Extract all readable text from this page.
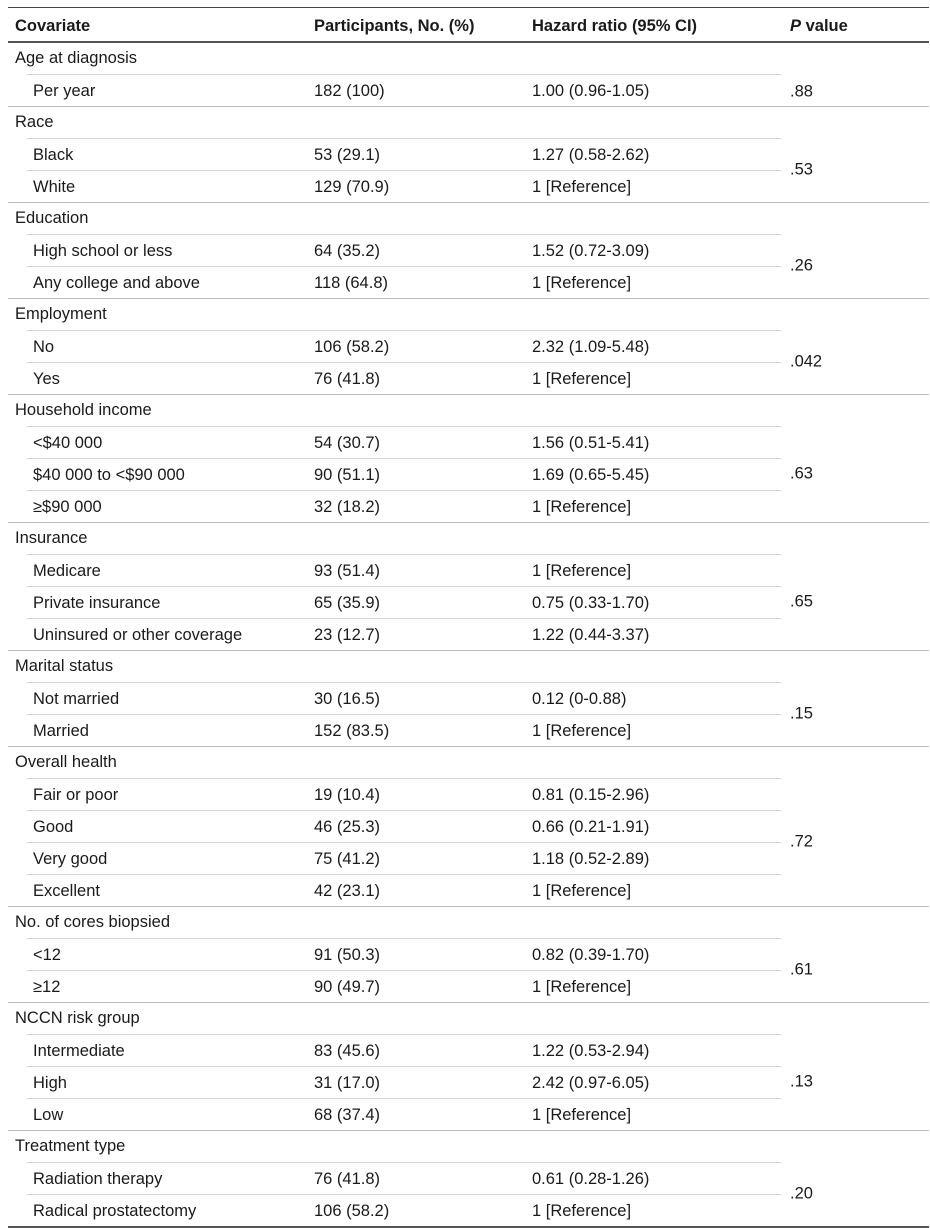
Covariate	Participants, No. (%)	Hazard ratio (95% CI)	P value
Age at diagnosis
Per year	182 (100)	1.00 (0.96-1.05)	.88
Race
Black	53 (29.1)	1.27 (0.58-2.62)
White	129 (70.9)	1 [Reference]
.53
Education
High school or less	64 (35.2)	1.52 (0.72-3.09)
Any college and above	118 (64.8)	1 [Reference]
.26
Employment
No	106 (58.2)	2.32 (1.09-5.48)
Yes	76 (41.8)	1 [Reference]
.042
Household income
<$40 000	54 (30.7)	1.56 (0.51-5.41)
$40 000 to <$90 000	90 (51.1)	1.69 (0.65-5.45)
≥$90 000	32 (18.2)	1 [Reference]
.63
Insurance
Medicare	93 (51.4)	1 [Reference]
Private insurance	65 (35.9)	0.75 (0.33-1.70)
Uninsured or other coverage	23 (12.7)	1.22 (0.44-3.37)
.65
Marital status
Not married	30 (16.5)	0.12 (0-0.88)
Married	152 (83.5)	1 [Reference]
.15
Overall health
Fair or poor	19 (10.4)	0.81 (0.15-2.96)
Good	46 (25.3)	0.66 (0.21-1.91)
Very good	75 (41.2)	1.18 (0.52-2.89)
Excellent	42 (23.1)	1 [Reference]
.72
No. of cores biopsied
<12	91 (50.3)	0.82 (0.39-1.70)
≥12	90 (49.7)	1 [Reference]
.61
NCCN risk group
Intermediate	83 (45.6)	1.22 (0.53-2.94)
High	31 (17.0)	2.42 (0.97-6.05)
Low	68 (37.4)	1 [Reference]
.13
Treatment type
Radiation therapy	76 (41.8)	0.61 (0.28-1.26)
Radical prostatectomy	106 (58.2)	1 [Reference]
.20
